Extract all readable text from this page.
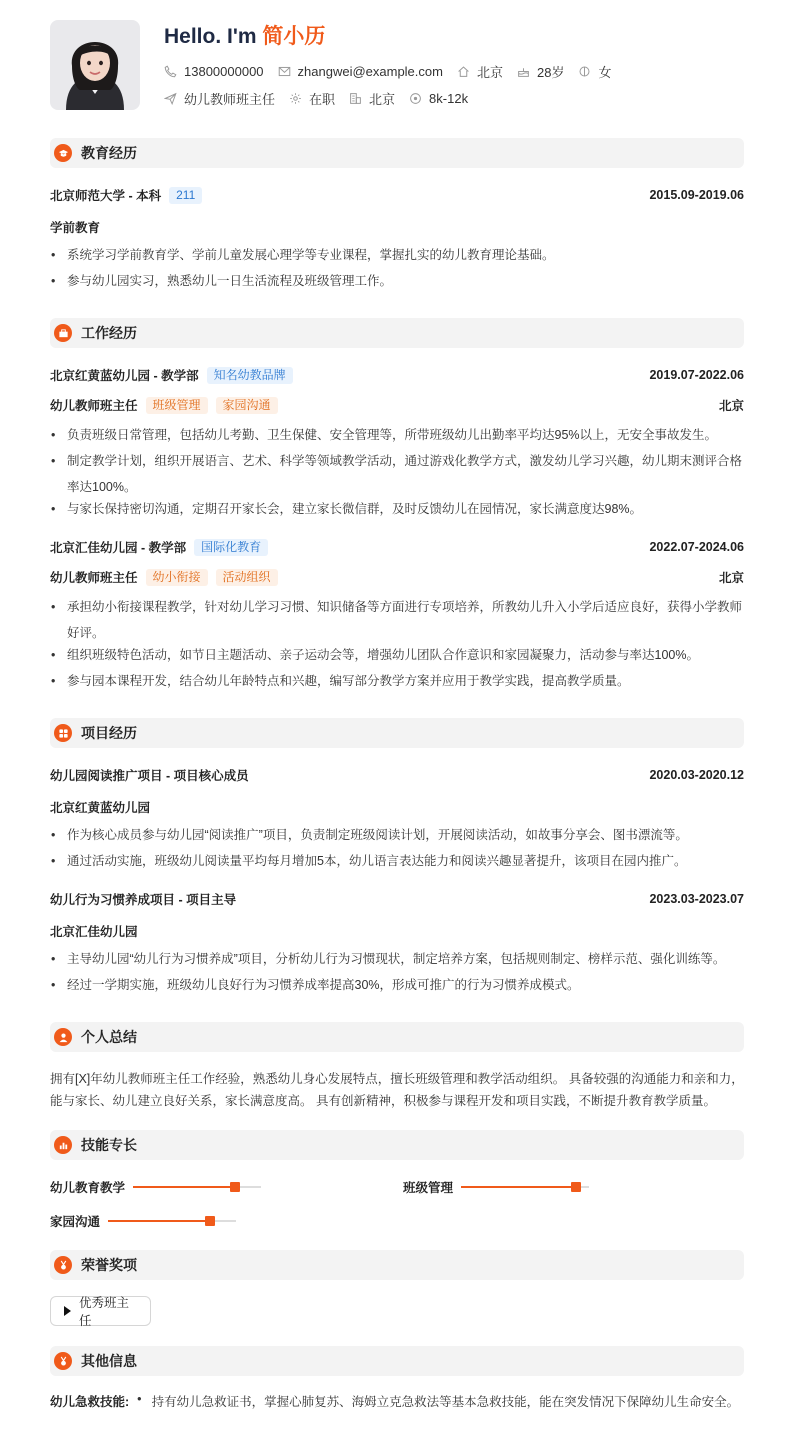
Hello. I'm 简小历
13800000000	zhangwei@example.com	北京	28岁	女
幼儿教师班主任	在职	北京	8k-12k
教育经历
北京师范大学 - 本科	211	2015.09-2019.06
学前教育
• 系统学习学前教育学、学前儿童发展心理学等专业课程，掌握扎实的幼儿教育理论基础。
• 参与幼儿园实习，熟悉幼儿一日生活流程及班级管理工作。
工作经历
北京红黄蓝幼儿园 - 教学部	知名幼教品牌	2019.07-2022.06
幼儿教师班主任	班级管理	家园沟通	北京
• 负责班级日常管理，包括幼儿考勤、卫生保健、安全管理等，所带班级幼儿出勤率平均达95%以上，无安全事故发生。
• 制定教学计划，组织开展语言、艺术、科学等领域教学活动，通过游戏化教学方式，激发幼儿学习兴趣，幼儿期末测评合格率达100%。
• 与家长保持密切沟通，定期召开家长会，建立家长微信群，及时反馈幼儿在园情况，家长满意度达98%。
北京汇佳幼儿园 - 教学部	国际化教育	2022.07-2024.06
幼儿教师班主任	幼小衔接	活动组织	北京
• 承担幼小衔接课程教学，针对幼儿学习习惯、知识储备等方面进行专项培养，所教幼儿升入小学后适应良好，获得小学教师好评。
• 组织班级特色活动，如节日主题活动、亲子运动会等，增强幼儿团队合作意识和家园凝聚力，活动参与率达100%。
• 参与园本课程开发，结合幼儿年龄特点和兴趣，编写部分教学方案并应用于教学实践，提高教学质量。
项目经历
幼儿园阅读推广项目 - 项目核心成员	2020.03-2020.12
北京红黄蓝幼儿园
• 作为核心成员参与幼儿园“阅读推广”项目，负责制定班级阅读计划，开展阅读活动，如故事分享会、图书漂流等。
• 通过活动实施，班级幼儿阅读量平均每月增加5本，幼儿语言表达能力和阅读兴趣显著提升，该项目在园内推广。
幼儿行为习惯养成项目 - 项目主导	2023.03-2023.07
北京汇佳幼儿园
• 主导幼儿园“幼儿行为习惯养成”项目，分析幼儿行为习惯现状，制定培养方案，包括规则制定、榜样示范、强化训练等。
• 经过一学期实施，班级幼儿良好行为习惯养成率提高30%，形成可推广的行为习惯养成模式。
个人总结
拥有[X]年幼儿教师班主任工作经验，熟悉幼儿身心发展特点，擅长班级管理和教学活动组织。 具备较强的沟通能力和亲和力，能与家长、幼儿建立良好关系，家长满意度高。 具有创新精神，积极参与课程开发和项目实践，不断提升教育教学质量。
技能专长
幼儿教育教学	班级管理
家园沟通
荣誉奖项
优秀班主任
其他信息
幼儿急救技能: • 持有幼儿急救证书，掌握心肺复苏、海姆立克急救法等基本急救技能，能在突发情况下保障幼儿生命安全。
